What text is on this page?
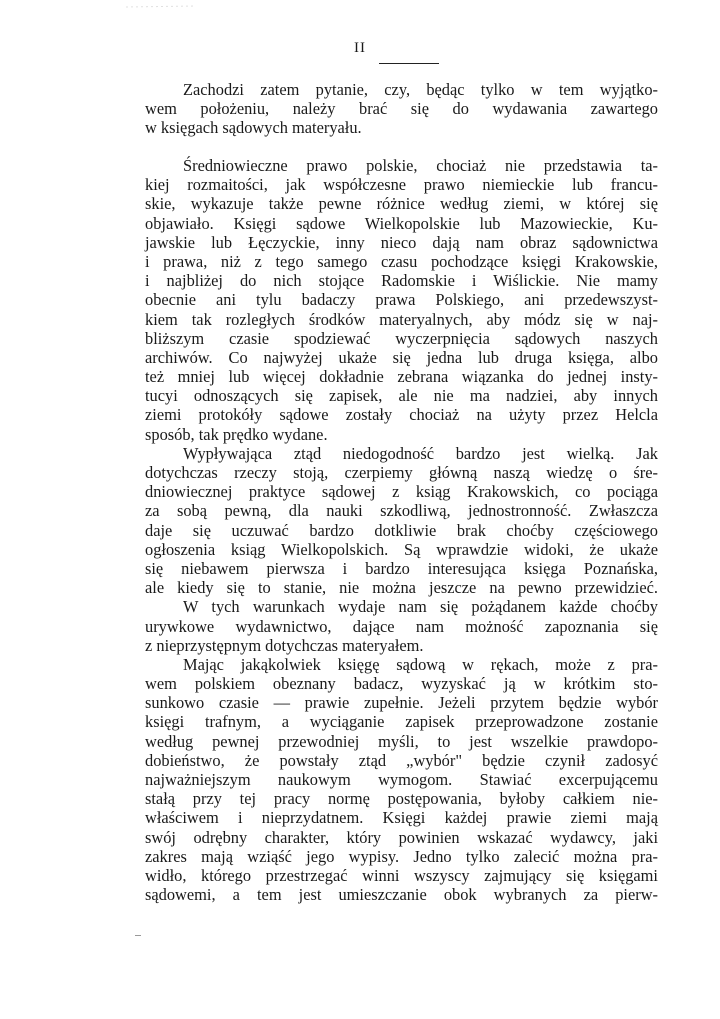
II
Zachodzi zatem pytanie, czy, będąc tylko w tem wyjątko-
wem położeniu, należy brać się do wydawania zawartego
w księgach sądowych materyału.
Średniowieczne prawo polskie, chociaż nie przedstawia ta-
kiej rozmaitości, jak współczesne prawo niemieckie lub francu-
skie, wykazuje także pewne różnice według ziemi, w której się
objawiało. Księgi sądowe Wielkopolskie lub Mazowieckie, Ku-
jawskie lub Łęczyckie, inny nieco dają nam obraz sądownictwa
i prawa, niż z tego samego czasu pochodzące księgi Krakowskie,
i najbliżej do nich stojące Radomskie i Wiślickie. Nie mamy
obecnie ani tylu badaczy prawa Polskiego, ani przedewszyst-
kiem tak rozległych środków materyalnych, aby módz się w naj-
bliższym czasie spodziewać wyczerpnięcia sądowych naszych
archiwów. Co najwyżej ukaże się jedna lub druga księga, albo
też mniej lub więcej dokładnie zebrana wiązanka do jednej insty-
tucyi odnoszących się zapisek, ale nie ma nadziei, aby innych
ziemi protokóły sądowe zostały chociaż na użyty przez Helcla
sposób, tak prędko wydane.
Wypływająca ztąd niedogodność bardzo jest wielką. Jak
dotychczas rzeczy stoją, czerpiemy główną naszą wiedzę o śre-
dniowiecznej praktyce sądowej z ksiąg Krakowskich, co pociąga
za sobą pewną, dla nauki szkodliwą, jednostronność. Zwłaszcza
daje się uczuwać bardzo dotkliwie brak choćby częściowego
ogłoszenia ksiąg Wielkopolskich. Są wprawdzie widoki, że ukaże
się niebawem pierwsza i bardzo interesująca księga Poznańska,
ale kiedy się to stanie, nie można jeszcze na pewno przewidzieć.
W tych warunkach wydaje nam się pożądanem każde choćby
urywkowe wydawnictwo, dające nam możność zapoznania się
z nieprzystępnym dotychczas materyałem.
Mając jakąkolwiek księgę sądową w rękach, może z pra-
wem polskiem obeznany badacz, wyzyskać ją w krótkim sto-
sunkowo czasie — prawie zupełnie. Jeżeli przytem będzie wybór
księgi trafnym, a wyciąganie zapisek przeprowadzone zostanie
według pewnej przewodniej myśli, to jest wszelkie prawdopo-
dobieństwo, że powstały ztąd „wybór" będzie czynił zadosyć
najważniejszym naukowym wymogom. Stawiać excerpującemu
stałą przy tej pracy normę postępowania, byłoby całkiem nie-
właściwem i nieprzydatnem. Księgi każdej prawie ziemi mają
swój odrębny charakter, który powinien wskazać wydawcy, jaki
zakres mają wziąść jego wypisy. Jedno tylko zalecić można pra-
widło, którego przestrzegać winni wszyscy zajmujący się księgami
sądowemi, a tem jest umieszczanie obok wybranych za pierw-
